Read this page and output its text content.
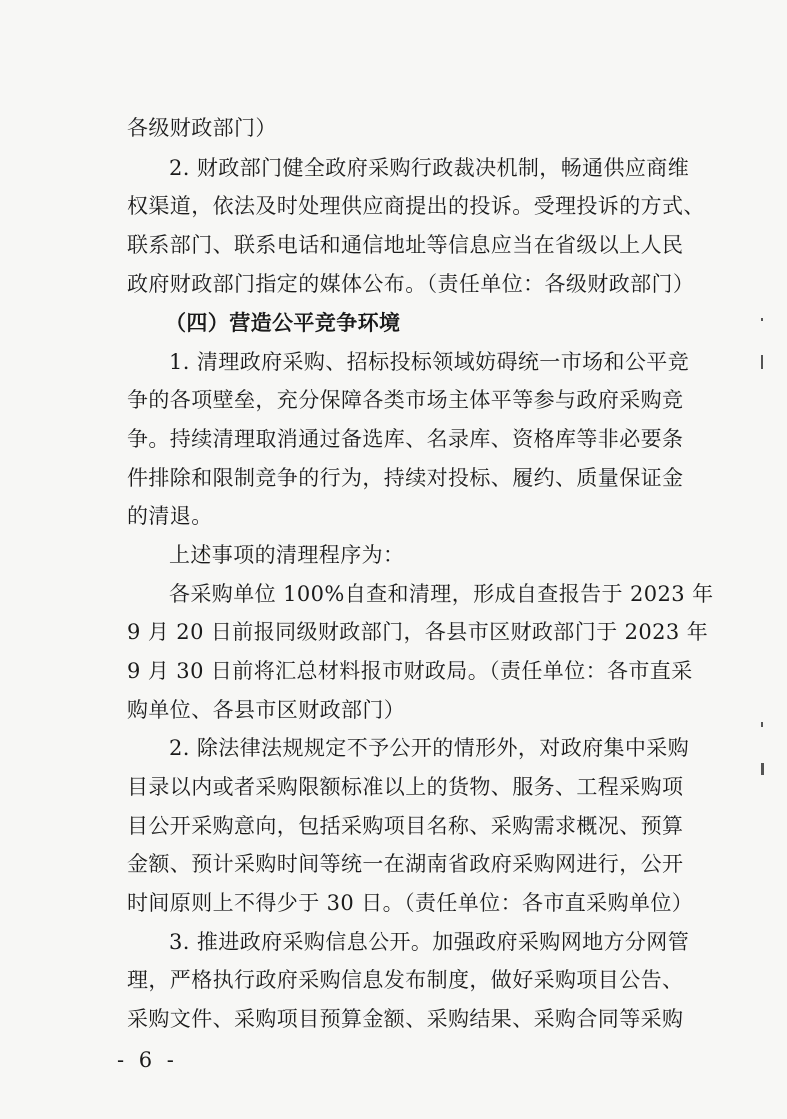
各级财政部门）
2. 财政部门健全政府采购行政裁决机制，畅通供应商维
权渠道，依法及时处理供应商提出的投诉。受理投诉的方式、
联系部门、联系电话和通信地址等信息应当在省级以上人民
政府财政部门指定的媒体公布。（责任单位：各级财政部门）
（四）营造公平竞争环境
1. 清理政府采购、招标投标领域妨碍统一市场和公平竞
争的各项壁垒，充分保障各类市场主体平等参与政府采购竞
争。持续清理取消通过备选库、名录库、资格库等非必要条
件排除和限制竞争的行为，持续对投标、履约、质量保证金
的清退。
上述事项的清理程序为：
各采购单位 100%自查和清理，形成自查报告于 2023 年
9 月 20 日前报同级财政部门，各县市区财政部门于 2023 年
9 月 30 日前将汇总材料报市财政局。（责任单位：各市直采
购单位、各县市区财政部门）
2. 除法律法规规定不予公开的情形外，对政府集中采购
目录以内或者采购限额标准以上的货物、服务、工程采购项
目公开采购意向，包括采购项目名称、采购需求概况、预算
金额、预计采购时间等统一在湖南省政府采购网进行，公开
时间原则上不得少于 30 日。（责任单位：各市直采购单位）
3. 推进政府采购信息公开。加强政府采购网地方分网管
理，严格执行政府采购信息发布制度，做好采购项目公告、
采购文件、采购项目预算金额、采购结果、采购合同等采购
- 6 -
